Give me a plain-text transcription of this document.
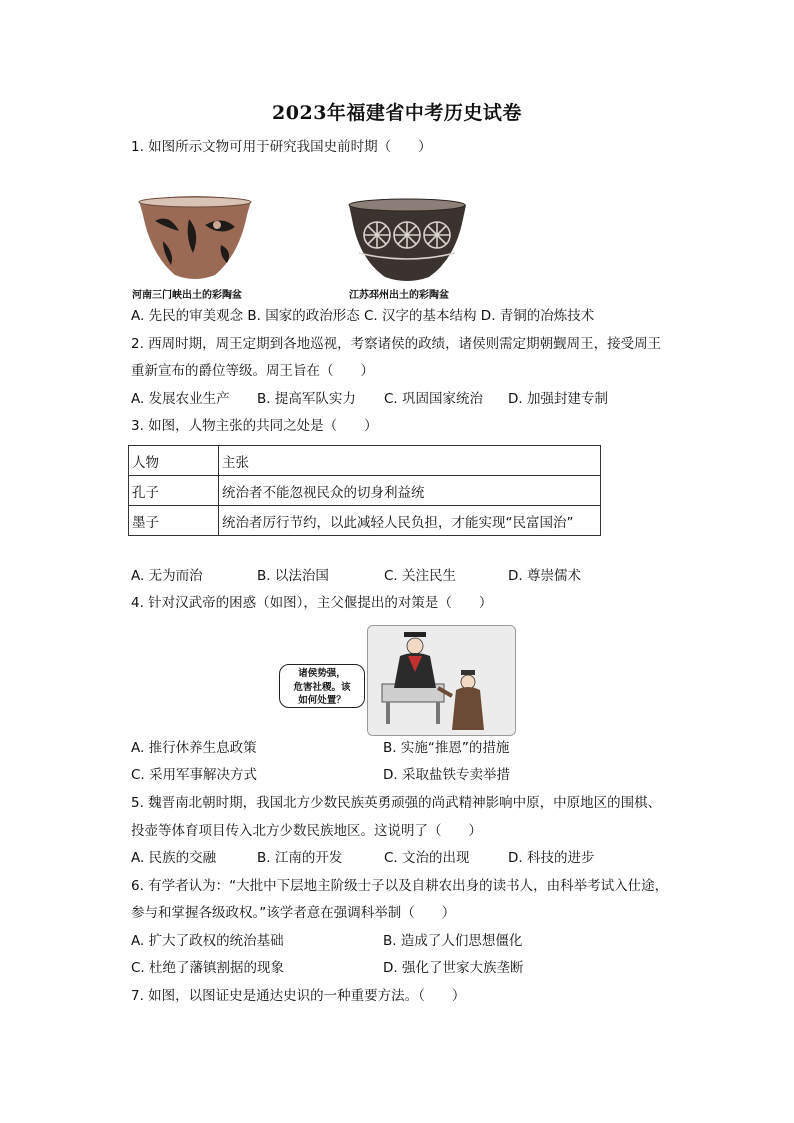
2023年福建省中考历史试卷
1. 如图所示文物可用于研究我国史前时期（　　）
河南三门峡出土的彩陶盆	江苏邳州出土的彩陶盆
A. 先民的审美观念 B. 国家的政治形态 C. 汉字的基本结构 D. 青铜的冶炼技术
2. 西周时期，周王定期到各地巡视，考察诸侯的政绩，诸侯则需定期朝觐周王，接受周王
重新宣布的爵位等级。周王旨在（　　）
A. 发展农业生产 B. 提高军队实力 C. 巩固国家统治 D. 加强封建专制
3. 如图，人物主张的共同之处是（　　）
人物	主张
孔子	统治者不能忽视民众的切身利益统
墨子	统治者厉行节约，以此减轻人民负担，才能实现“民富国治”
A. 无为而治	B. 以法治国	C. 关注民生	D. 尊崇儒术
4. 针对汉武帝的困惑（如图），主父偃提出的对策是（　　）
诸侯势强，
危害社稷。该
如何处置？
A. 推行休养生息政策	B. 实施“推恩”的措施
C. 采用军事解决方式	D. 采取盐铁专卖举措
5. 魏晋南北朝时期，我国北方少数民族英勇顽强的尚武精神影响中原，中原地区的围棋、
投壶等体育项目传入北方少数民族地区。这说明了（　　）
A. 民族的交融	B. 江南的开发	C. 文治的出现	D. 科技的进步
6. 有学者认为：“大批中下层地主阶级士子以及自耕农出身的读书人，由科举考试入仕途，
参与和掌握各级政权。”该学者意在强调科举制（　　）
A. 扩大了政权的统治基础	B. 造成了人们思想僵化
C. 杜绝了藩镇割据的现象	D. 强化了世家大族垄断
7. 如图，以图证史是通达史识的一种重要方法。（　　）
